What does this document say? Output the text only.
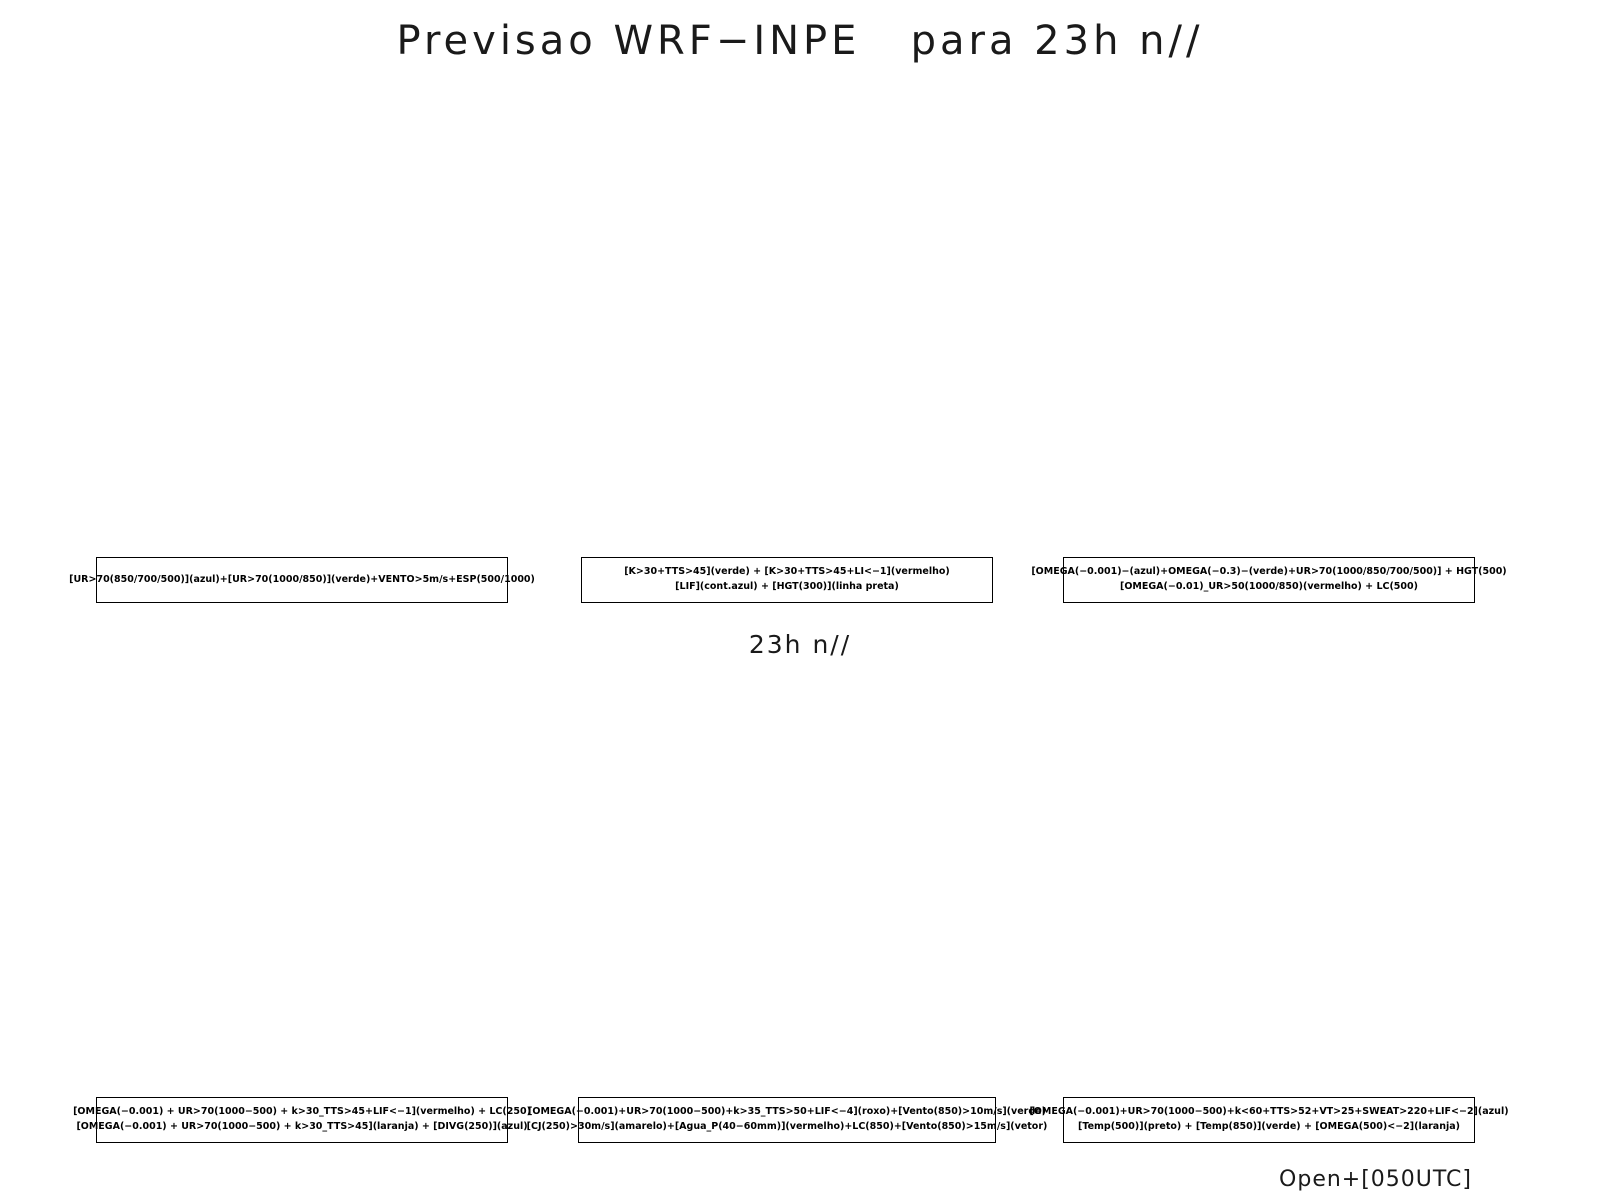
Previsao WRF−INPE   para 23h n//
[UR>70(850/700/500)](azul)+[UR>70(1000/850)](verde)+VENTO>5m/s+ESP(500/1000)
[K>30+TTS>45](verde) + [K>30+TTS>45+LI<−1](vermelho)
[LIF](cont.azul) + [HGT(300)](linha preta)
[OMEGA(−0.001)−(azul)+OMEGA(−0.3)−(verde)+UR>70(1000/850/700/500)] + HGT(500)
[OMEGA(−0.01)_UR>50(1000/850)(vermelho) + LC(500)
23h n//
[OMEGA(−0.001) + UR>70(1000−500) + k>30_TTS>45+LIF<−1](vermelho) + LC(250)
[OMEGA(−0.001) + UR>70(1000−500) + k>30_TTS>45](laranja) + [DIVG(250)](azul)
[OMEGA(−0.001)+UR>70(1000−500)+k>35_TTS>50+LIF<−4](roxo)+[Vento(850)>10m/s](verde)
[CJ(250)>30m/s](amarelo)+[Agua_P(40−60mm)](vermelho)+LC(850)+[Vento(850)>15m/s](vetor)
[OMEGA(−0.001)+UR>70(1000−500)+k<60+TTS>52+VT>25+SWEAT>220+LIF<−2](azul)
[Temp(500)](preto) + [Temp(850)](verde) + [OMEGA(500)<−2](laranja)
Open+[050UTC]
